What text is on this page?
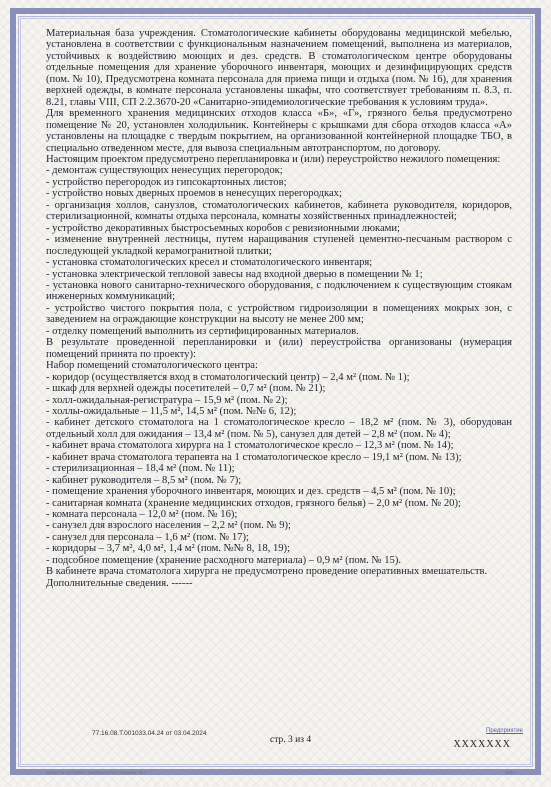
Материальная база учреждения. Стоматологические кабинеты оборудованы медицинской мебелью, установлена в соответствии с функциональным назначением помещений, выполнена из материалов, устойчивых к воздействию моющих и дез. средств. В стоматологическом центре оборудованы отдельные помещения для хранение уборочного инвентаря, моющих и дезинфицирующих средств (пом. № 10), Предусмотрена комната персонала для приема пищи и отдыха (пом. № 16), для хранения верхней одежды, в комнате персонала установлены шкафы, что соответствует требованиям п. 8.3, п. 8.21, главы VIII, СП 2.2.3670-20 «Санитарно-эпидемиологические требования к условиям труда».

Для временного хранения медицинских отходов класса «Б», «Г», грязного белья предусмотрено помещение № 20, установлен холодильник. Контейнеры с крышками для сбора отходов класса «А» установлены на площадке с твердым покрытием, на организованной контейнерной площадке ТБО, в специально отведенном месте, для вывоза специальным автотранспортом, по договору.

Настоящим проектом предусмотрено перепланировка и (или) переустройство нежилого помещения:

- демонтаж существующих ненесущих перегородок;

- устройство перегородок из гипсокартонных листов;

- устройство новых дверных проемов в ненесущих перегородках;

- организация холлов, санузлов, стоматологических кабинетов, кабинета руководителя, коридоров, стерилизационной, комнаты отдыха персонала, комнаты хозяйственных принадлежностей;

- устройство декоративных быстросъемных коробов с ревизионными люками;

- изменение внутренней лестницы, путем наращивания ступеней цементно-песчаным раствором с последующей укладкой керамогранитной плитки;

- установка стоматологических кресел и стоматологического инвентаря;

- установка электрической тепловой завесы над входной дверью в помещении № 1;

- установка нового санитарно-технического оборудования, с подключением к существующим стоякам инженерных коммуникаций;

- устройство чистого покрытия пола, с устройством гидроизоляции в помещениях мокрых зон, с заведением на ограждающие конструкции на высоту не менее 200 мм;

- отделку помещений выполнить из сертифицированных материалов.

В результате проведенной перепланировки и (или) переустройства организованы (нумерация помещений принята по проекту):

Набор помещений стоматологического центра:

- коридор (осуществляется вход в стоматологический центр) – 2,4 м² (пом. № 1);

- шкаф для верхней одежды посетителей – 0,7 м² (пом. № 21);

- холл-ожидальная-регистратура – 15,9 м² (пом. № 2);

- холлы-ожидальные – 11,5 м², 14,5 м² (пом. №№ 6, 12);

- кабинет детского стоматолога на 1 стоматологическое кресло – 18,2 м² (пом. № 3), оборудован отдельный холл для ожидания – 13,4 м² (пом. № 5), санузел для детей – 2,8 м² (пом. № 4);

- кабинет врача стоматолога хирурга на 1 стоматологическое кресло – 12,3 м² (пом. № 14);

- кабинет врача стоматолога терапевта на 1 стоматологическое кресло – 19,1 м² (пом. № 13);

- стерилизационная – 18,4 м² (пом. № 11);

- кабинет руководителя – 8,5 м² (пом. № 7);

- помещение хранения уборочного инвентаря, моющих и дез. средств – 4,5 м² (пом. № 10);

- санитарная комната (хранение медицинских отходов, грязного белья) – 2,0 м² (пом. № 20);

- комната персонала – 12,0 м² (пом. № 16);

- санузел для взрослого населения – 2,2 м² (пом. № 9);

- санузел для персонала – 1,6 м² (пом. № 17);

- коридоры – 3,7 м², 4,0 м², 1,4 м² (пом. №№ 8, 18, 19);

- подсобное помещение (хранение расходного материала) – 0,9 м² (пом. № 15).

В кабинете врача стоматолога хирурга не предусмотрено проведение оперативных вмешательств.

Дополнительные сведения. ------

77.16.08.Т.001033.04.24 от 03.04.2024
стр. 3 из 4
Предприятие
XXXXXXX
Бланк № 1174664 г. Москва 2023 г. Уровень «Б»	0248
